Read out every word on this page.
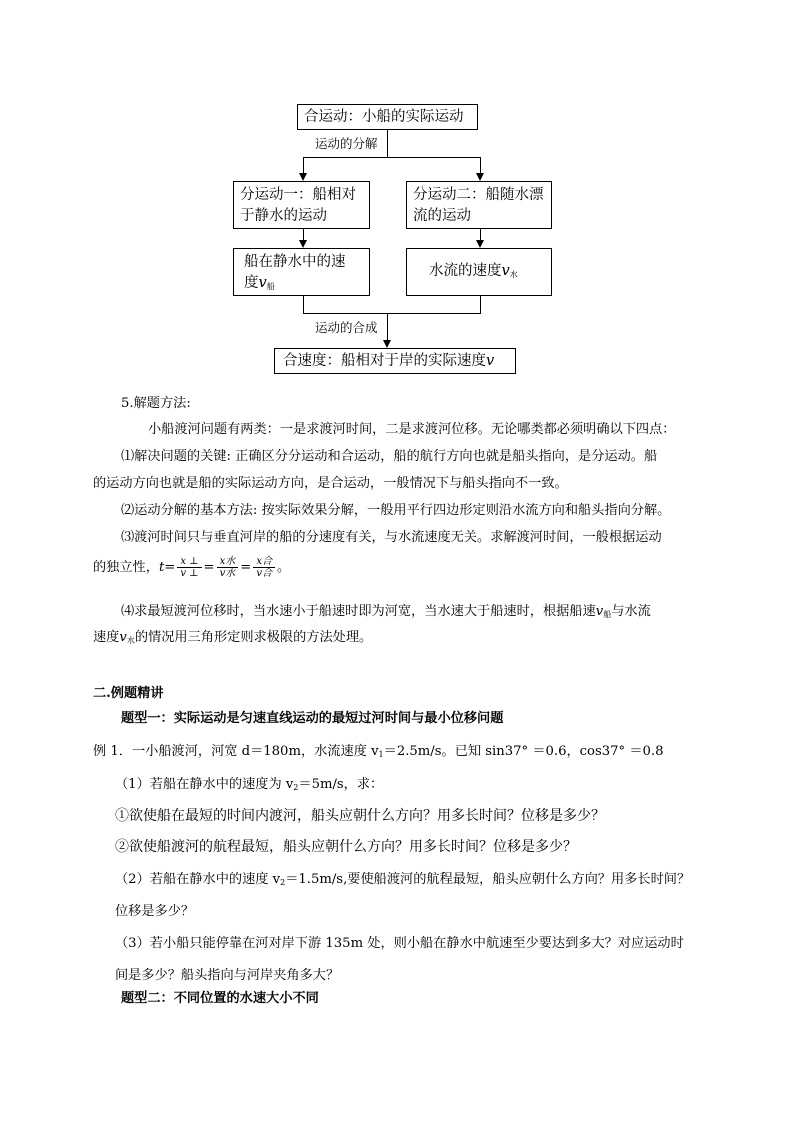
合运动：小船的实际运动
运动的分解
分运动一：船相对
于静水的运动
分运动二：船随水漂
流的运动
船在静水中的速
度$v_船$
水流的速度$v_水$
运动的合成
合速度：船相对于岸的实际速度v
5.解题方法:
小船渡河问题有两类：一是求渡河时间，二是求渡河位移。无论哪类都必须明确以下四点：
⑴解决问题的关键: 正确区分分运动和合运动，船的航行方向也就是船头指向，是分运动。船
的运动方向也就是船的实际运动方向，是合运动，一般情况下与船头指向不一致。
⑵运动分解的基本方法: 按实际效果分解，一般用平行四边形定则沿水流方向和船头指向分解。
⑶渡河时间只与垂直河岸的船的分速度有关，与水流速度无关。求解渡河时间，一般根据运动
的独立性，$t= \frac{x \perp}{v \perp} = \frac{\text{x水}}{\text{v水}} = \frac{\text{x合}}{\text{v合}}$ 。
⑷求最短渡河位移时，当水速小于船速时即为河宽，当水速大于船速时，根据船速$v_船$与水流
速度$v_水$的情况用三角形定则求极限的方法处理。
二.例题精讲
题型一：实际运动是匀速直线运动的最短过河时间与最小位移问题
例 1．一小船渡河，河宽 d＝180m，水流速度 $v_1=2.5m/s$。已知 sin37° ＝0.6，cos37° ＝0.8
（1）若船在静水中的速度为 $v_2=5m/s$，求：
①欲使船在最短的时间内渡河，船头应朝什么方向？用多长时间？位移是多少？
②欲使船渡河的航程最短，船头应朝什么方向？用多长时间？位移是多少？
（2）若船在静水中的速度 $v_2=1.5m/s$,要使船渡河的航程最短，船头应朝什么方向？用多长时间？
位移是多少？
（3）若小船只能停靠在河对岸下游 135m 处，则小船在静水中航速至少要达到多大？对应运动时
间是多少？船头指向与河岸夹角多大？
题型二：不同位置的水速大小不同
